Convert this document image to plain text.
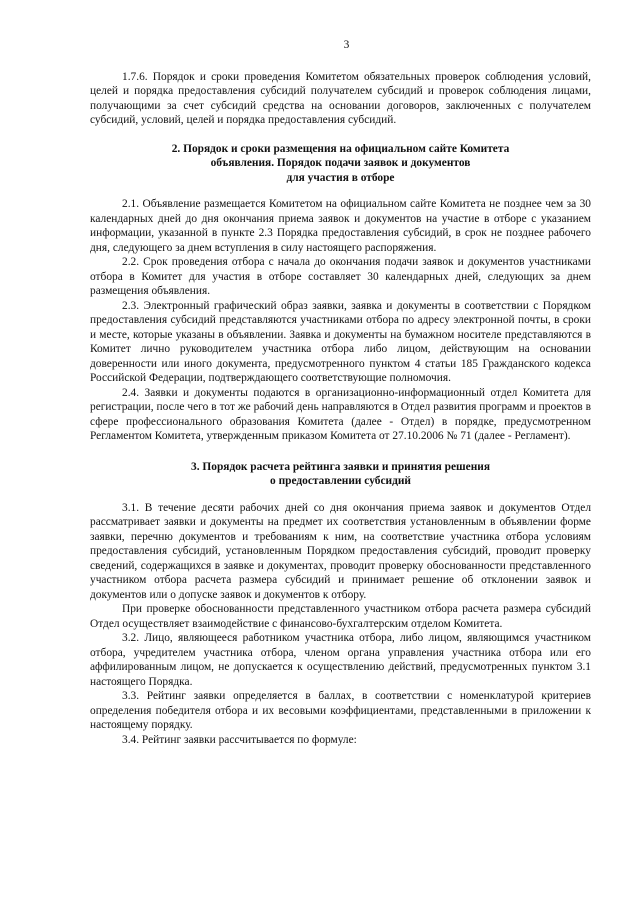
3

1.7.6. Порядок и сроки проведения Комитетом обязательных проверок соблюдения условий, целей и порядка предоставления субсидий получателем субсидий и проверок соблюдения лицами, получающими за счет субсидий средства на основании договоров, заключенных с получателем субсидий, условий, целей и порядка предоставления субсидий.

2. Порядок и сроки размещения на официальном сайте Комитета
объявления. Порядок подачи заявок и документов
для участия в отборе

2.1. Объявление размещается Комитетом на официальном сайте Комитета не позднее чем за 30 календарных дней до дня окончания приема заявок и документов на участие в отборе с указанием информации, указанной в пункте 2.3 Порядка предоставления субсидий, в срок не позднее рабочего дня, следующего за днем вступления в силу настоящего распоряжения.

2.2. Срок проведения отбора с начала до окончания подачи заявок и документов участниками отбора в Комитет для участия в отборе составляет 30 календарных дней, следующих за днем размещения объявления.

2.3. Электронный графический образ заявки, заявка и документы в соответствии с Порядком предоставления субсидий представляются участниками отбора по адресу электронной почты, в сроки и месте, которые указаны в объявлении. Заявка и документы на бумажном носителе представляются в Комитет лично руководителем участника отбора либо лицом, действующим на основании доверенности или иного документа, предусмотренного пунктом 4 статьи 185 Гражданского кодекса Российской Федерации, подтверждающего соответствующие полномочия.

2.4. Заявки и документы подаются в организационно-информационный отдел Комитета для регистрации, после чего в тот же рабочий день направляются в Отдел развития программ и проектов в сфере профессионального образования Комитета (далее - Отдел) в порядке, предусмотренном Регламентом Комитета, утвержденным приказом Комитета от 27.10.2006 № 71 (далее - Регламент).

3. Порядок расчета рейтинга заявки и принятия решения
о предоставлении субсидий

3.1. В течение десяти рабочих дней со дня окончания приема заявок и документов Отдел рассматривает заявки и документы на предмет их соответствия установленным в объявлении форме заявки, перечню документов и требованиям к ним, на соответствие участника отбора условиям предоставления субсидий, установленным Порядком предоставления субсидий, проводит проверку сведений, содержащихся в заявке и документах, проводит проверку обоснованности представленного участником отбора расчета размера субсидий и принимает решение об отклонении заявок и документов или о допуске заявок и документов к отбору.

При проверке обоснованности представленного участником отбора расчета размера субсидий Отдел осуществляет взаимодействие с финансово-бухгалтерским отделом Комитета.

3.2. Лицо, являющееся работником участника отбора, либо лицом, являющимся участником отбора, учредителем участника отбора, членом органа управления участника отбора или его аффилированным лицом, не допускается к осуществлению действий, предусмотренных пунктом 3.1 настоящего Порядка.

3.3. Рейтинг заявки определяется в баллах, в соответствии с номенклатурой критериев определения победителя отбора и их весовыми коэффициентами, представленными в приложении к настоящему порядку.

3.4. Рейтинг заявки рассчитывается по формуле:
